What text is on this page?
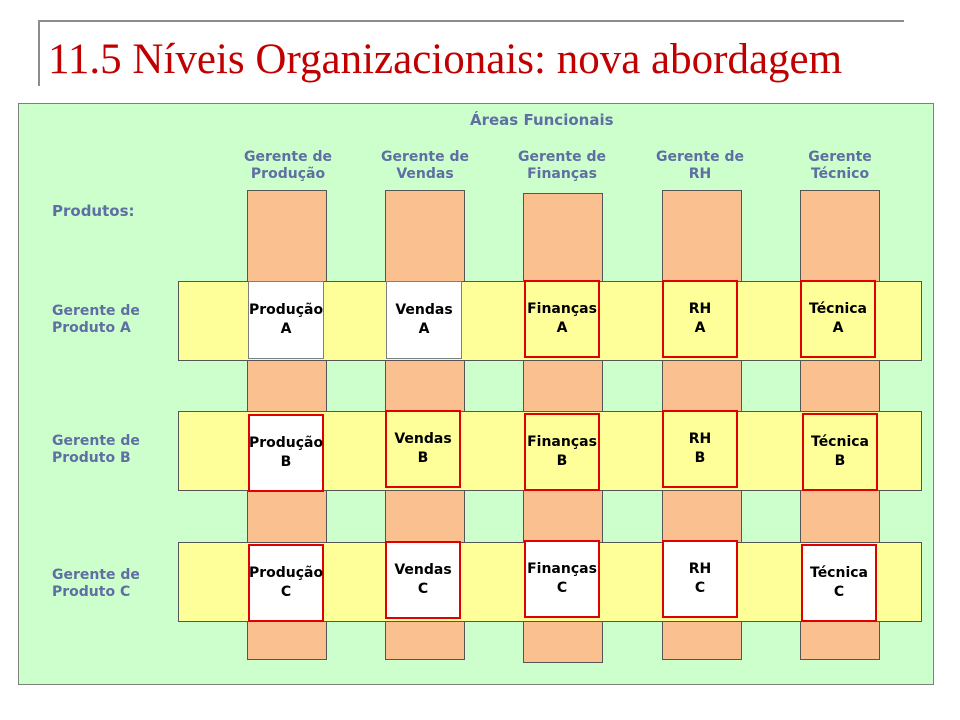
11.5 Níveis Organizacionais: nova abordagem
Áreas Funcionais
Gerente de
Produção
Gerente de
Vendas
Gerente de
Finanças
Gerente de
RH
Gerente
Técnico
Produtos:
Gerente de
Produto A
Gerente de
Produto B
Gerente de
Produto C
Produção
A
Vendas
A
Finanças
A
RH
A
Técnica
A
Produção
B
Vendas
B
Finanças
B
RH
B
Técnica
B
Produção
C
Vendas
C
Finanças
C
RH
C
Técnica
C
